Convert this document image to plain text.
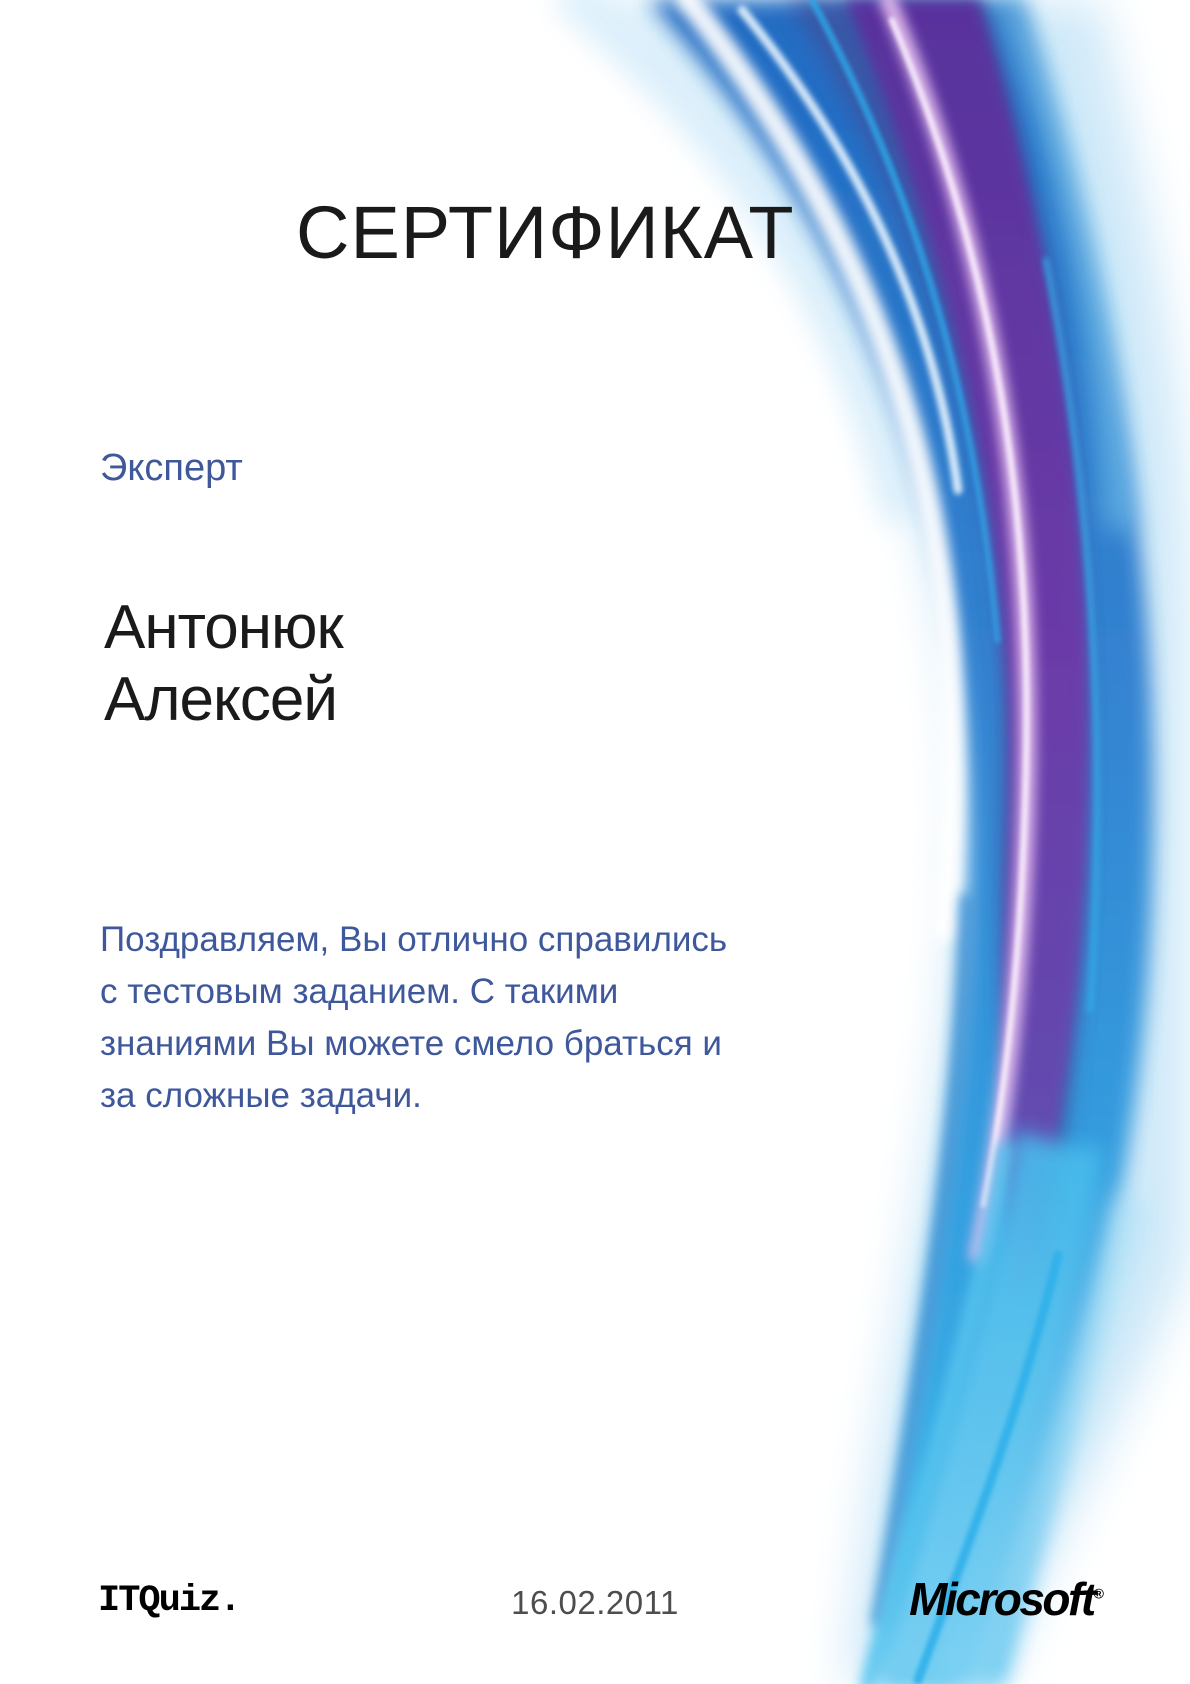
СЕРТИФИКАТ
Эксперт
Антонюк
Алексей
Поздравляем, Вы отлично справились
с тестовым заданием. С такими
знаниями Вы можете смело браться и
за сложные задачи.
ITQuiz.	16.02.2011	Microsoft®
